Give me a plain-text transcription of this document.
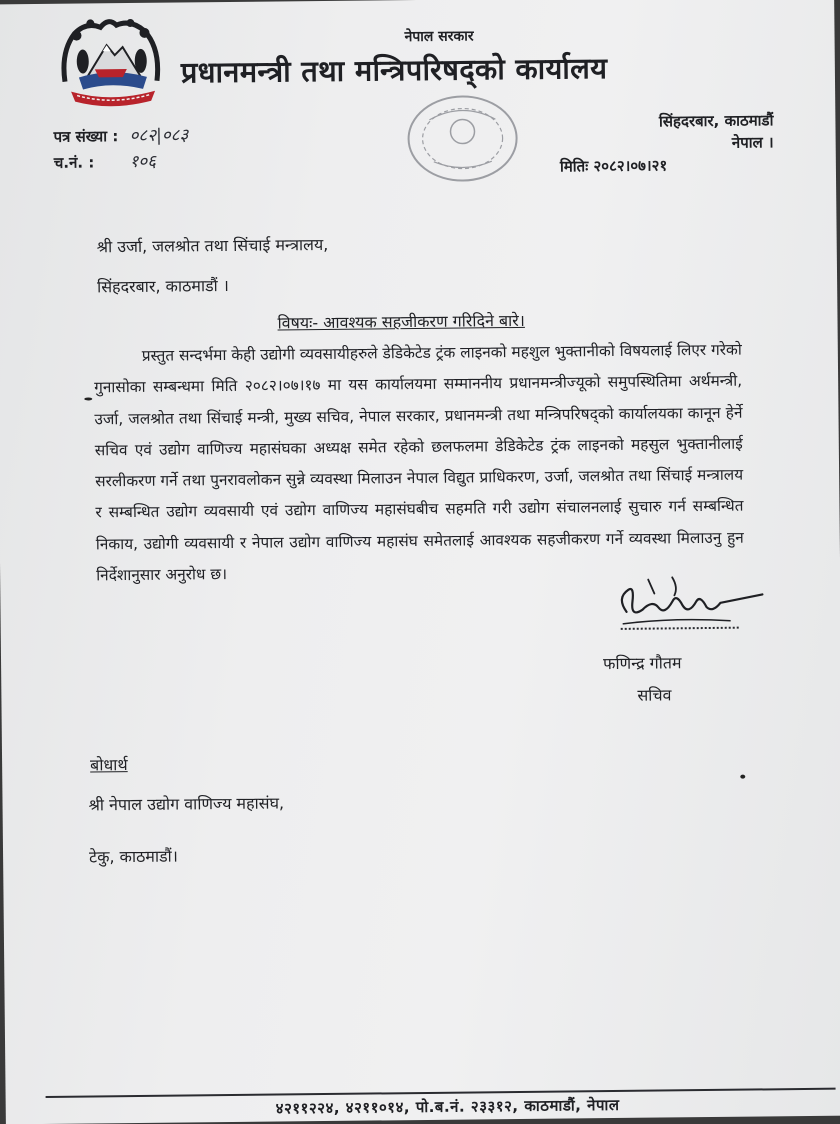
नेपाल सरकार
प्रधानमन्त्री तथा मन्त्रिपरिषद्‌को कार्यालय
पत्र संख्या : ०८२|०८३
च.नं. : १०६
सिंहदरबार, काठमाडौं
नेपाल ।
मितिः २०८२।०७।२१
श्री उर्जा, जलश्रोत तथा सिंचाई मन्त्रालय,
सिंहदरबार, काठमाडौं ।
विषयः- आवश्यक सहजीकरण गरिदिने बारे।
प्रस्तुत सन्दर्भमा केही उद्योगी व्यवसायीहरुले डेडिकेटेड ट्रंक लाइनको महशुल भुक्तानीको विषयलाई लिएर गरेको गुनासोका सम्बन्धमा मिति २०८२।०७।१७ मा यस कार्यालयमा सम्माननीय प्रधानमन्त्रीज्यूको समुपस्थितिमा अर्थमन्त्री, उर्जा, जलश्रोत तथा सिंचाई मन्त्री, मुख्य सचिव, नेपाल सरकार, प्रधानमन्त्री तथा मन्त्रिपरिषद्‌को कार्यालयका कानून हेर्ने सचिव एवं उद्योग वाणिज्य महासंघका अध्यक्ष समेत रहेको छलफलमा डेडिकेटेड ट्रंक लाइनको महसुल भुक्तानीलाई सरलीकरण गर्ने तथा पुनरावलोकन सुन्ने व्यवस्था मिलाउन नेपाल विद्युत प्राधिकरण, उर्जा, जलश्रोत तथा सिंचाई मन्त्रालय र सम्बन्धित उद्योग व्यवसायी एवं उद्योग वाणिज्य महासंघबीच सहमति गरी उद्योग संचालनलाई सुचारु गर्न सम्बन्धित निकाय, उद्योगी व्यवसायी र नेपाल उद्योग वाणिज्य महासंघ समेतलाई आवश्यक सहजीकरण गर्ने व्यवस्था मिलाउनु हुन निर्देशानुसार अनुरोध छ।
फणिन्द्र गौतम
सचिव
बोधार्थ
श्री नेपाल उद्योग वाणिज्य महासंघ,
टेकु, काठमाडौं।
४२११२२४, ४२११०१४, पो.ब.नं. २३३१२, काठमाडौं, नेपाल
